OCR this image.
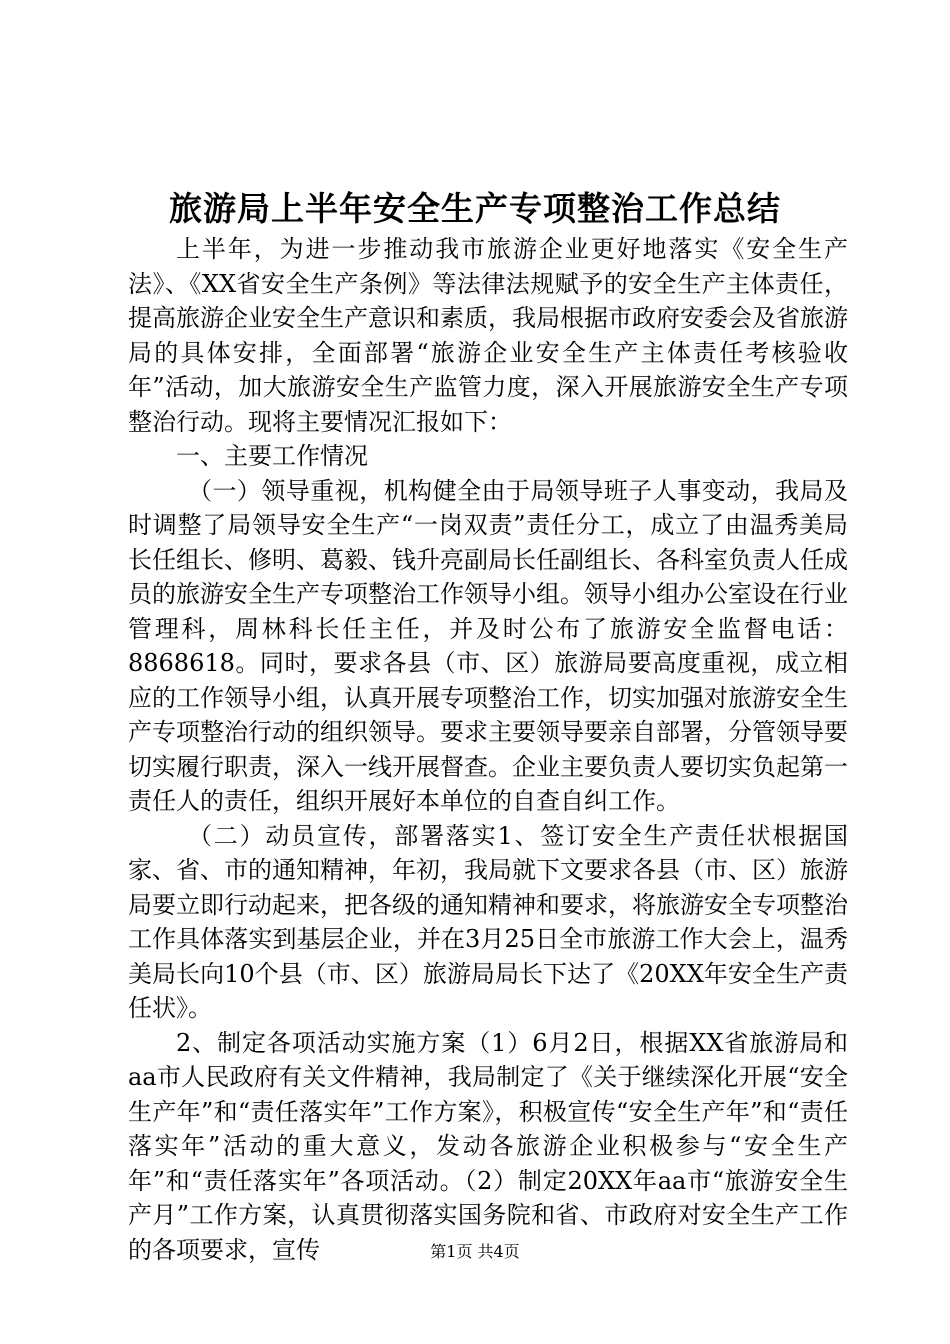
旅游局上半年安全生产专项整治工作总结

上半年，为进一步推动我市旅游企业更好地落实《安全生产法》、《XX省安全生产条例》等法律法规赋予的安全生产主体责任，提高旅游企业安全生产意识和素质，我局根据市政府安委会及省旅游局的具体安排，全面部署“旅游企业安全生产主体责任考核验收年”活动，加大旅游安全生产监管力度，深入开展旅游安全生产专项整治行动。现将主要情况汇报如下：

一、主要工作情况

（一）领导重视，机构健全由于局领导班子人事变动，我局及时调整了局领导安全生产“一岗双责”责任分工，成立了由温秀美局长任组长、修明、葛毅、钱升亮副局长任副组长、各科室负责人任成员的旅游安全生产专项整治工作领导小组。领导小组办公室设在行业管理科，周林科长任主任，并及时公布了旅游安全监督电话：8868618。同时，要求各县（市、区）旅游局要高度重视，成立相应的工作领导小组，认真开展专项整治工作，切实加强对旅游安全生产专项整治行动的组织领导。要求主要领导要亲自部署，分管领导要切实履行职责，深入一线开展督查。企业主要负责人要切实负起第一责任人的责任，组织开展好本单位的自查自纠工作。

（二）动员宣传，部署落实1、签订安全生产责任状根据国家、省、市的通知精神，年初，我局就下文要求各县（市、区）旅游局要立即行动起来，把各级的通知精神和要求，将旅游安全专项整治工作具体落实到基层企业，并在3月25日全市旅游工作大会上，温秀美局长向10个县（市、区）旅游局局长下达了《20XX年安全生产责任状》。

2、制定各项活动实施方案（1）6月2日，根据XX省旅游局和aa市人民政府有关文件精神，我局制定了《关于继续深化开展“安全生产年”和“责任落实年”工作方案》，积极宣传“安全生产年”和“责任落实年”活动的重大意义，发动各旅游企业积极参与“安全生产年”和“责任落实年”各项活动。（2）制定20XX年aa市“旅游安全生产月”工作方案，认真贯彻落实国务院和省、市政府对安全生产工作的各项要求，宣传	第1页 共4页
